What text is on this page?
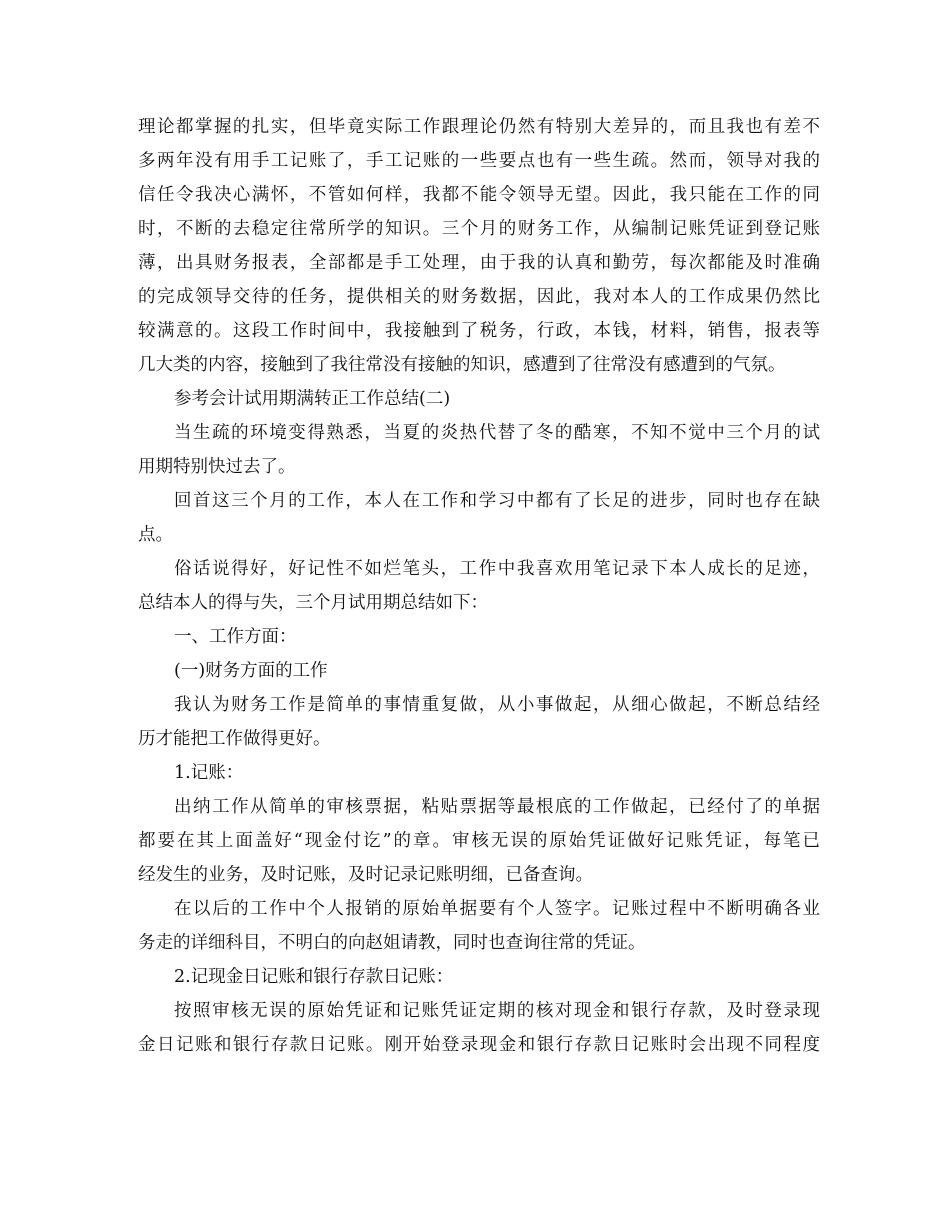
理论都掌握的扎实，但毕竟实际工作跟理论仍然有特别大差异的，而且我也有差不
多两年没有用手工记账了，手工记账的一些要点也有一些生疏。然而，领导对我的
信任令我决心满怀，不管如何样，我都不能令领导无望。因此，我只能在工作的同
时，不断的去稳定往常所学的知识。三个月的财务工作，从编制记账凭证到登记账
薄，出具财务报表，全部都是手工处理，由于我的认真和勤劳，每次都能及时准确
的完成领导交待的任务，提供相关的财务数据，因此，我对本人的工作成果仍然比
较满意的。这段工作时间中，我接触到了税务，行政，本钱，材料，销售，报表等
几大类的内容，接触到了我往常没有接触的知识，感遭到了往常没有感遭到的气氛。
参考会计试用期满转正工作总结(二)
当生疏的环境变得熟悉，当夏的炎热代替了冬的酷寒，不知不觉中三个月的试
用期特别快过去了。
回首这三个月的工作，本人在工作和学习中都有了长足的进步，同时也存在缺
点。
俗话说得好，好记性不如烂笔头，工作中我喜欢用笔记录下本人成长的足迹，
总结本人的得与失，三个月试用期总结如下：
一、工作方面：
(一)财务方面的工作
我认为财务工作是简单的事情重复做，从小事做起，从细心做起，不断总结经
历才能把工作做得更好。
1.记账：
出纳工作从简单的审核票据，粘贴票据等最根底的工作做起，已经付了的单据
都要在其上面盖好“现金付讫”的章。审核无误的原始凭证做好记账凭证，每笔已
经发生的业务，及时记账，及时记录记账明细，已备查询。
在以后的工作中个人报销的原始单据要有个人签字。记账过程中不断明确各业
务走的详细科目，不明白的向赵姐请教，同时也查询往常的凭证。
2.记现金日记账和银行存款日记账：
按照审核无误的原始凭证和记账凭证定期的核对现金和银行存款，及时登录现
金日记账和银行存款日记账。刚开始登录现金和银行存款日记账时会出现不同程度
